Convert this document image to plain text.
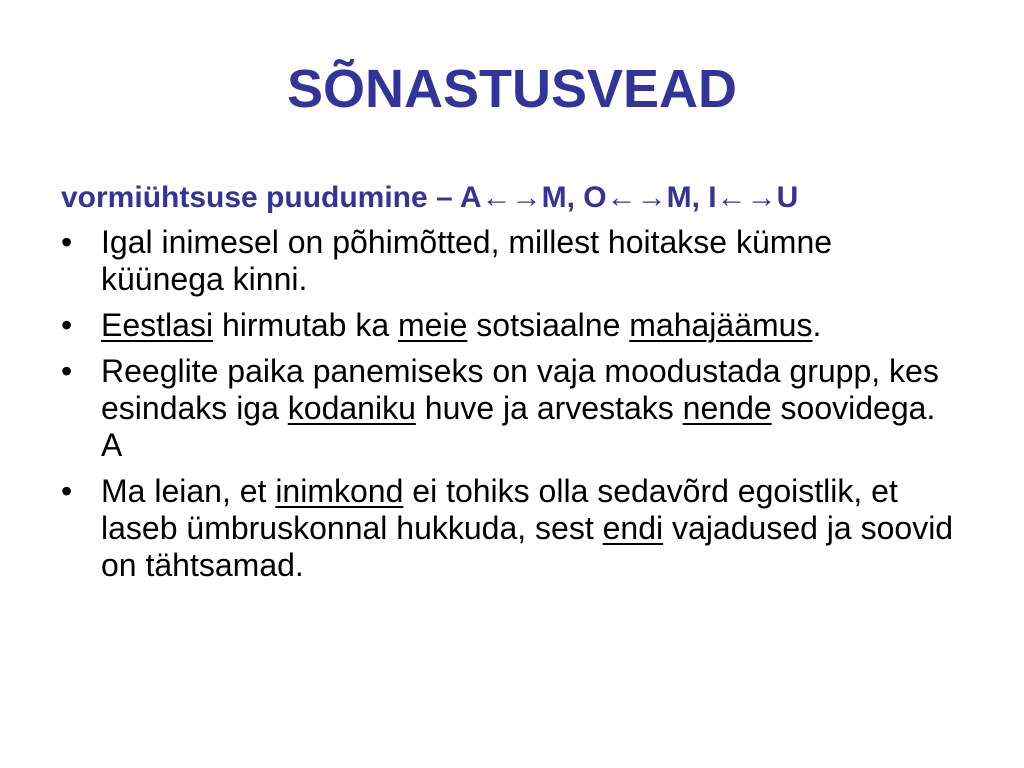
SÕNASTUSVEAD

vormiühtsuse puudumine – A←→M, O←→M, I←→U

• Igal inimesel on põhimõtted, millest hoitakse kümne küünega kinni.
• Eestlasi hirmutab ka meie sotsiaalne mahajäämus.
• Reeglite paika panemiseks on vaja moodustada grupp, kes esindaks iga kodaniku huve ja arvestaks nende soovidega. A
• Ma leian, et inimkond ei tohiks olla sedavõrd egoistlik, et laseb ümbruskonnal hukkuda, sest endi vajadused ja soovid on tähtsamad.
